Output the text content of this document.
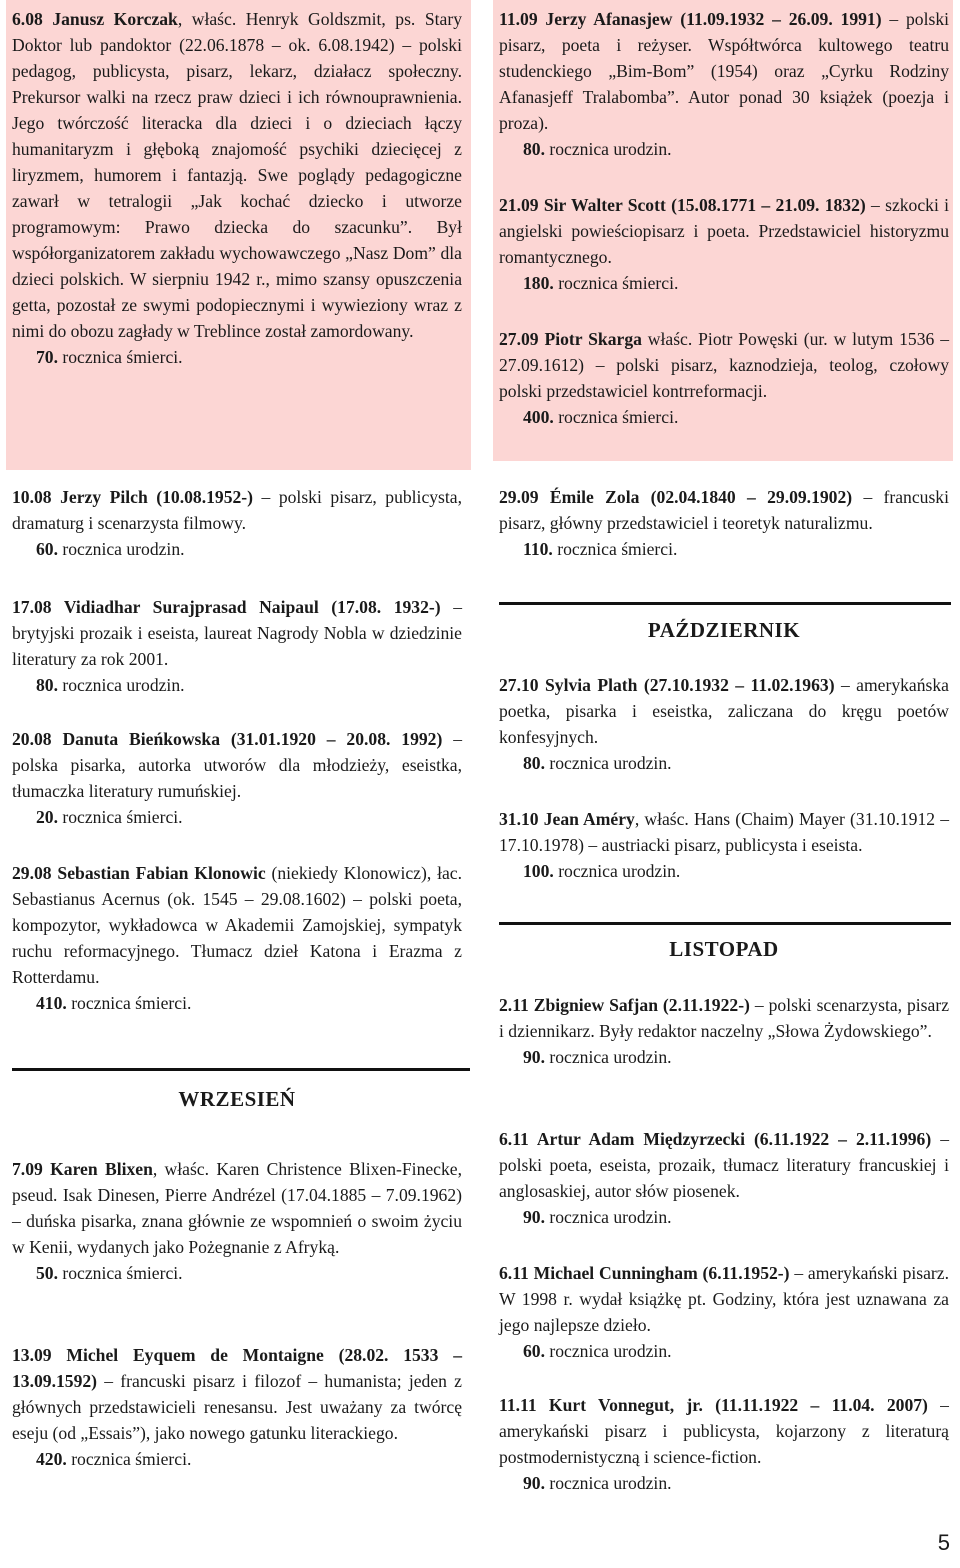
6.08 Janusz Korczak, właśc. Henryk Goldszmit, ps. Stary Doktor lub pandoktor (22.06.1878 – ok. 6.08.1942) – polski pedagog, publicysta, pisarz, lekarz, działacz społeczny. Prekursor walki na rzecz praw dzieci i ich równouprawnienia. Jego twórczość literacka dla dzieci i o dzieciach łączy humanitaryzm i głęboką znajomość psychiki dziecięcej z liryzmem, humorem i fantazją. Swe poglądy pedagogiczne zawarł w tetralogii „Jak kochać dziecko i utworze programowym: Prawo dziecka do szacunku”. Był współorganizatorem zakładu wychowawczego „Nasz Dom” dla dzieci polskich. W sierpniu 1942 r., mimo szansy opuszczenia getta, pozostał ze swymi podopiecznymi i wywieziony wraz z nimi do obozu zagłady w Treblince został zamordowany.
70. rocznica śmierci.
10.08 Jerzy Pilch (10.08.1952-) – polski pisarz, publicysta, dramaturg i scenarzysta filmowy.
60. rocznica urodzin.
17.08 Vidiadhar Surajprasad Naipaul (17.08. 1932-) – brytyjski prozaik i eseista, laureat Nagrody Nobla w dziedzinie literatury za rok 2001.
80. rocznica urodzin.
20.08 Danuta Bieńkowska (31.01.1920 – 20.08. 1992) – polska pisarka, autorka utworów dla młodzieży, eseistka, tłumaczka literatury rumuńskiej.
20. rocznica śmierci.
29.08 Sebastian Fabian Klonowic (niekiedy Klonowicz), łac. Sebastianus Acernus (ok. 1545 – 29.08.1602) – polski poeta, kompozytor, wykładowca w Akademii Zamojskiej, sympatyk ruchu reformacyjnego. Tłumacz dzieł Katona i Erazma z Rotterdamu.
410. rocznica śmierci.
WRZESIEŃ
7.09 Karen Blixen, właśc. Karen Christence Blixen-Finecke, pseud. Isak Dinesen, Pierre Andrézel (17.04.1885 – 7.09.1962) – duńska pisarka, znana głównie ze wspomnień o swoim życiu w Kenii, wydanych jako Pożegnanie z Afryką.
50. rocznica śmierci.
13.09 Michel Eyquem de Montaigne (28.02. 1533 – 13.09.1592) – francuski pisarz i filozof – humanista; jeden z głównych przedstawicieli renesansu. Jest uważany za twórcę eseju (od „Essais”), jako nowego gatunku literackiego.
420. rocznica śmierci.
11.09 Jerzy Afanasjew (11.09.1932 – 26.09. 1991) – polski pisarz, poeta i reżyser. Współtwórca kultowego teatru studenckiego „Bim-Bom” (1954) oraz „Cyrku Rodziny Afanasjeff Tralabomba”. Autor ponad 30 książek (poezja i proza).
80. rocznica urodzin.
21.09 Sir Walter Scott (15.08.1771 – 21.09. 1832) – szkocki i angielski powieściopisarz i poeta. Przedstawiciel historyzmu romantycznego.
180. rocznica śmierci.
27.09 Piotr Skarga właśc. Piotr Powęski (ur. w lutym 1536 – 27.09.1612) – polski pisarz, kaznodzieja, teolog, czołowy polski przedstawiciel kontrreformacji.
400. rocznica śmierci.
29.09 Émile Zola (02.04.1840 – 29.09.1902) – francuski pisarz, główny przedstawiciel i teoretyk naturalizmu.
110. rocznica śmierci.
PAŹDZIERNIK
27.10 Sylvia Plath (27.10.1932 – 11.02.1963) – amerykańska poetka, pisarka i eseistka, zaliczana do kręgu poetów konfesyjnych.
80. rocznica urodzin.
31.10 Jean Améry, właśc. Hans (Chaim) Mayer (31.10.1912 – 17.10.1978) – austriacki pisarz, publicysta i eseista.
100. rocznica urodzin.
LISTOPAD
2.11 Zbigniew Safjan (2.11.1922-) – polski scenarzysta, pisarz i dziennikarz. Były redaktor naczelny „Słowa Żydowskiego”.
90. rocznica urodzin.
6.11 Artur Adam Międzyrzecki (6.11.1922 – 2.11.1996) – polski poeta, eseista, prozaik, tłumacz literatury francuskiej i anglosaskiej, autor słów piosenek.
90. rocznica urodzin.
6.11 Michael Cunningham (6.11.1952-) – amerykański pisarz. W 1998 r. wydał książkę pt. Godziny, która jest uznawana za jego najlepsze dzieło.
60. rocznica urodzin.
11.11 Kurt Vonnegut, jr. (11.11.1922 – 11.04. 2007) – amerykański pisarz i publicysta, kojarzony z literaturą postmodernistyczną i science-fiction.
90. rocznica urodzin.
5
